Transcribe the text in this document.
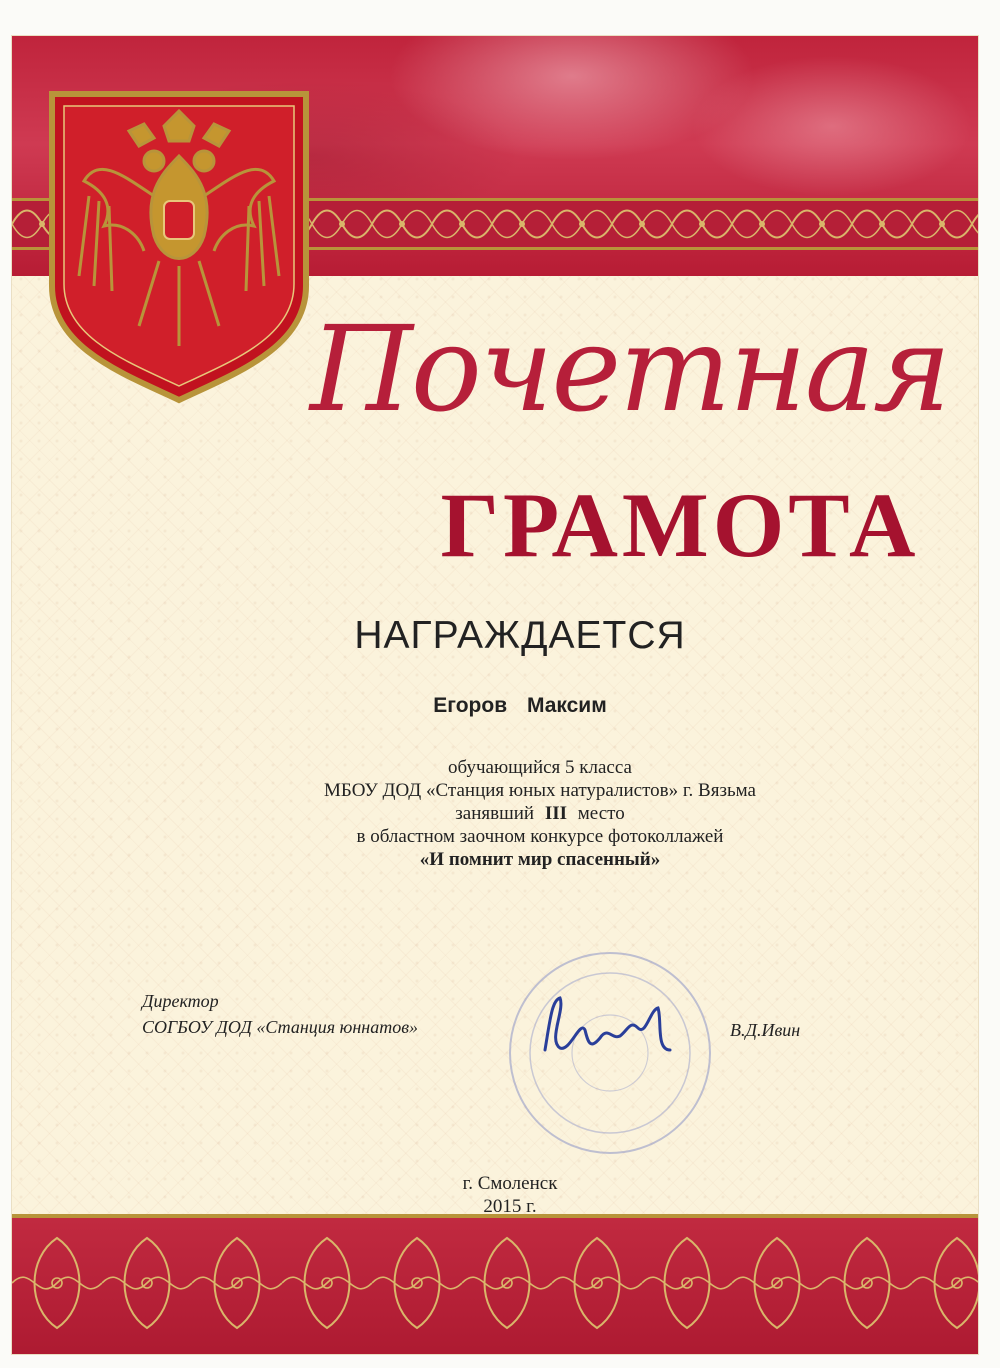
Почетная
ГРАМОТА
НАГРАЖДАЕТСЯ
Егоров Максим
обучающийся 5 класса
МБОУ ДОД «Станция юных натуралистов» г. Вязьма
занявший III место
в областном заочном конкурсе фотоколлажей
«И помнит мир спасенный»
Директор
СОГБОУ ДОД «Станция юннатов»	В.Д.Ивин
г. Смоленск
2015 г.
